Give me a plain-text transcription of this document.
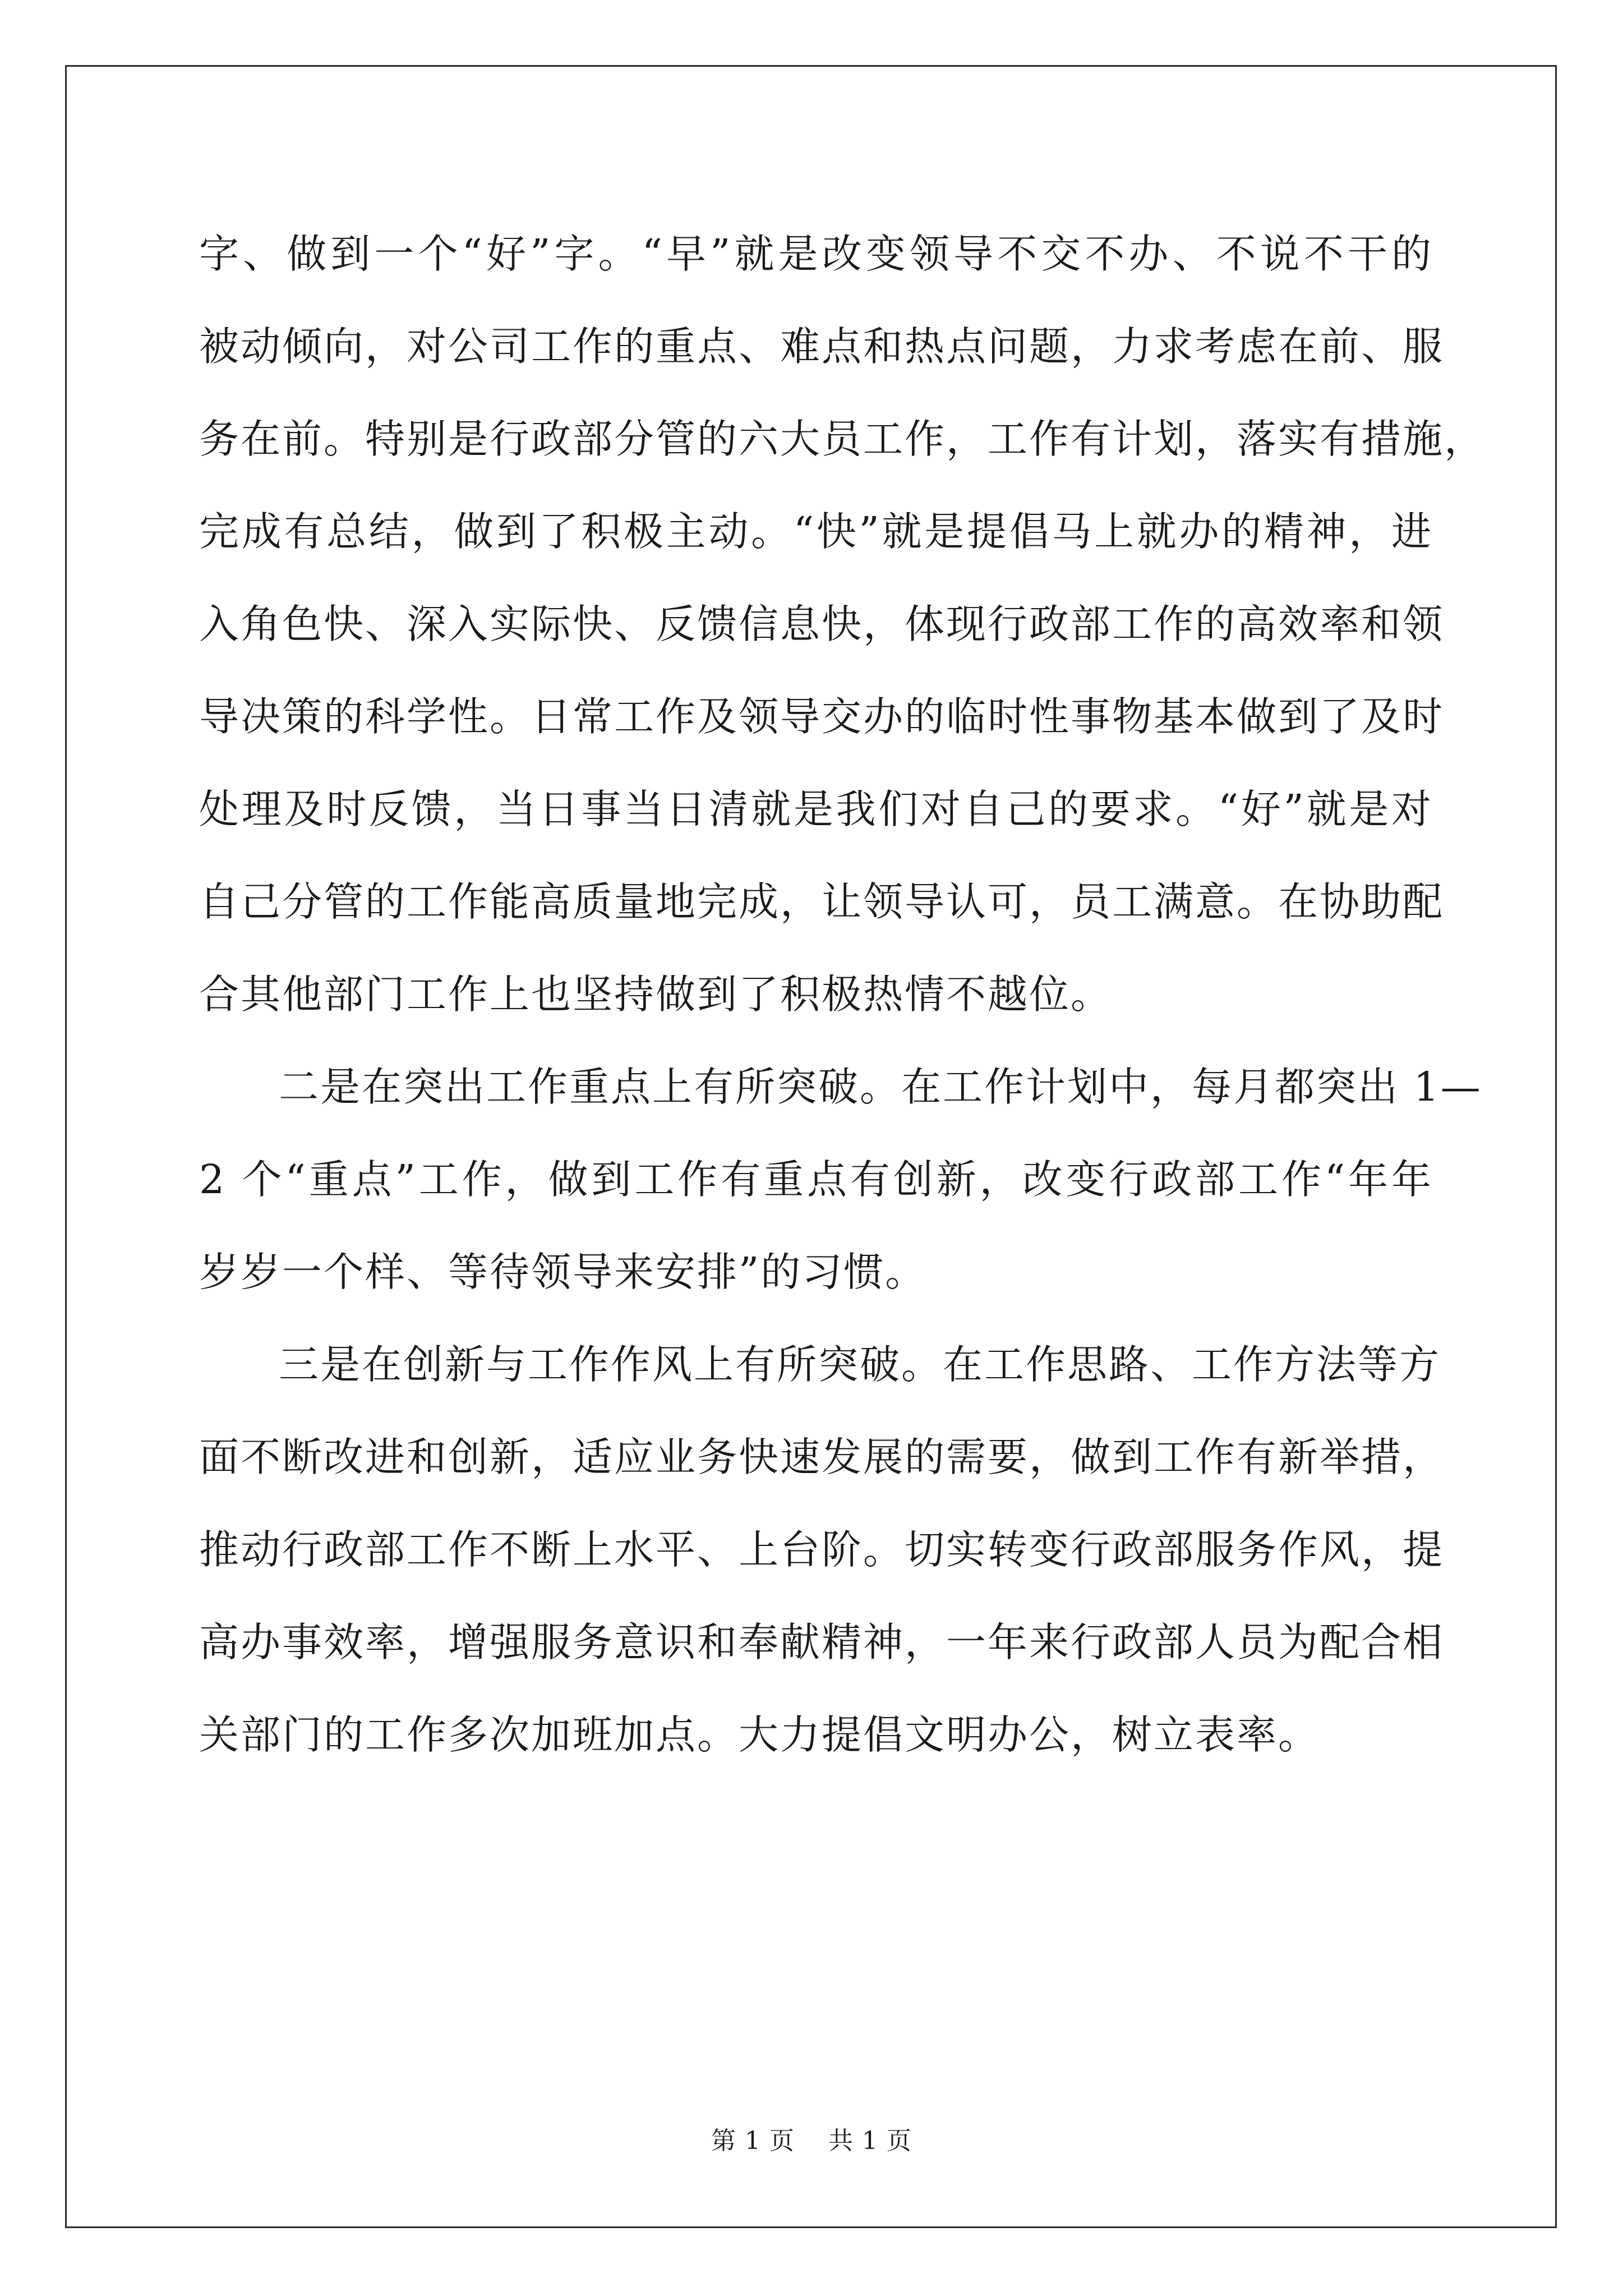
字、做到一个“好”字。“早”就是改变领导不交不办、不说不干的
被动倾向，对公司工作的重点、难点和热点问题，力求考虑在前、服
务在前。特别是行政部分管的六大员工作，工作有计划，落实有措施，
完成有总结，做到了积极主动。“快”就是提倡马上就办的精神，进
入角色快、深入实际快、反馈信息快，体现行政部工作的高效率和领
导决策的科学性。日常工作及领导交办的临时性事物基本做到了及时
处理及时反馈，当日事当日清就是我们对自己的要求。“好”就是对
自己分管的工作能高质量地完成，让领导认可，员工满意。在协助配
合其他部门工作上也坚持做到了积极热情不越位。

二是在突出工作重点上有所突破。在工作计划中，每月都突出 1—
2 个“重点”工作，做到工作有重点有创新，改变行政部工作“年年
岁岁一个样、等待领导来安排”的习惯。

三是在创新与工作作风上有所突破。在工作思路、工作方法等方
面不断改进和创新，适应业务快速发展的需要，做到工作有新举措，
推动行政部工作不断上水平、上台阶。切实转变行政部服务作风，提
高办事效率，增强服务意识和奉献精神，一年来行政部人员为配合相
关部门的工作多次加班加点。大力提倡文明办公，树立表率。

第 1 页 共 1 页
